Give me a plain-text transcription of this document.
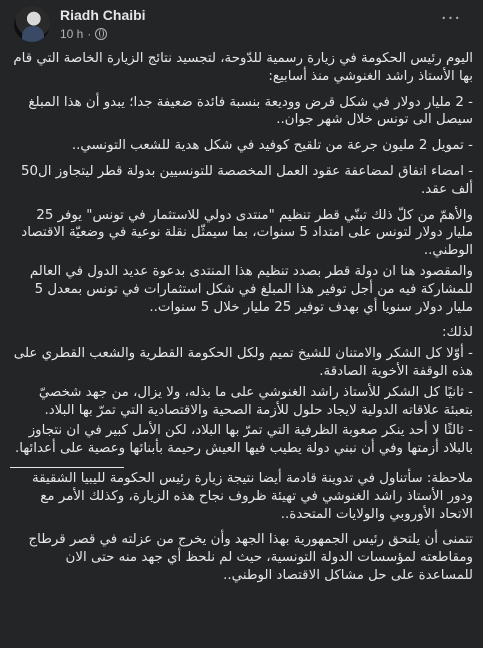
Riadh Chaibi
10 h ·
···

اليوم رئيس الحكومة في زيارة رسمية للدّوحة، لتجسيد نتائج الزيارة الخاصة التي قام بها الأستاذ راشد الغنوشي منذ أسابيع:

- 2 مليار دولار في شكل قرض ووديعة بنسبة فائدة ضعيفة جدا؛ يبدو أن هذا المبلغ سيصل الى تونس خلال شهر جوان..

- تمويل 2 مليون جرعة من تلقيح كوفيد في شكل هدية للشعب التونسي..

- امضاء اتفاق لمضاعفة عقود العمل المخصصة للتونسيين بدولة قطر ليتجاوز ال50 ألف عقد.

والأهمّ من كلّ ذلك تبنّي قطر تنظيم "منتدى دولي للاستثمار في تونس" يوفر 25 مليار دولار لتونس على امتداد 5 سنوات، بما سيمثّل نقلة نوعية في وضعيّة الاقتصاد الوطني..

والمقصود هنا ان دولة قطر بصدد تنظيم هذا المنتدى بدعوة عديد الدول في العالم للمشاركة فيه من أجل توفير هذا المبلغ في شكل استثمارات في تونس بمعدل 5 مليار دولار سنويا أي بهدف توفير 25 مليار خلال 5 سنوات..

لذلك:

- أوّلا كل الشكر والامتنان للشيخ تميم ولكل الحكومة القطرية والشعب القطري على هذه الوقفة الأخوية الصادقة.

- ثانيًا كل الشكر للأستاذ راشد الغنوشي على ما بذله، ولا يزال، من جهد شخصيّ بتعبئة علاقاته الدولية لايجاد حلول للأزمة الصحية والاقتصادية التي تمرّ بها البلاد.

- ثالثًا لا أحد ينكر صعوبة الظرفية التي تمرّ بها البلاد، لكن الأمل كبير في ان نتجاوز بالبلاد أزمتها وفي أن نبني دولة يطيب فيها العيش رحيمة بأبنائها وعصية على أعدائها.

ملاحظة: سأتناول في تدوينة قادمة أيضا نتيجة زيارة رئيس الحكومة لليبيا الشقيقة ودور الأستاذ راشد الغنوشي في تهيئة ظروف نجاح هذه الزيارة، وكذلك الأمر مع الاتحاد الأوروبي والولايات المتحدة..

تتمنى أن يلتحق رئيس الجمهورية بهذا الجهد وأن يخرج من عزلته في قصر قرطاج ومقاطعته لمؤسسات الدولة التونسية، حيث لم نلحظ أي جهد منه حتى الان للمساعدة على حل مشاكل الاقتصاد الوطني..
